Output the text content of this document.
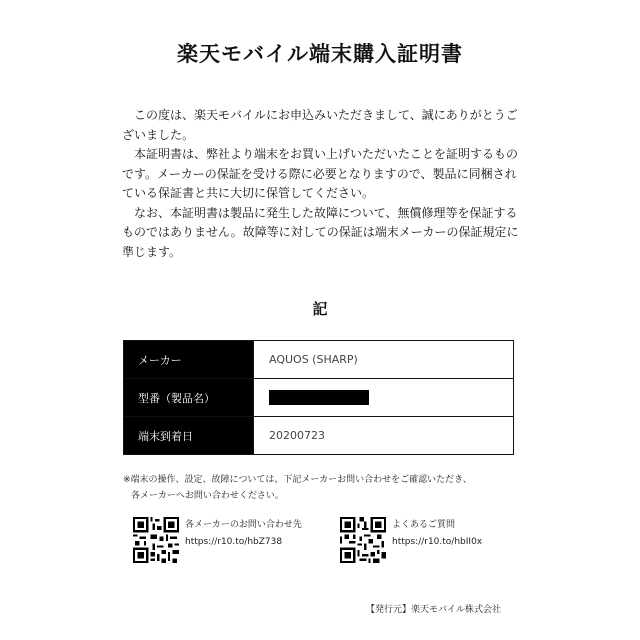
楽天モバイル端末購入証明書

この度は、楽天モバイルにお申込みいただきまして、誠にありがとうございました。

本証明書は、弊社より端末をお買い上げいただいたことを証明するものです。メーカーの保証を受ける際に必要となりますので、製品に同梱されている保証書と共に大切に保管してください。

なお、本証明書は製品に発生した故障について、無償修理等を保証するものではありません。故障等に対しての保証は端末メーカーの保証規定に準じます。

記
メーカー	AQUOS (SHARP)
型番（製品名）	
端末到着日	20200723
※端末の操作、設定、故障については、下記メーカーお問い合わせをご確認いただき、
各メーカーへお問い合わせください。
各メーカーのお問い合わせ先
https://r10.to/hbZ738
よくあるご質問
https://r10.to/hbII0x
【発行元】楽天モバイル株式会社
